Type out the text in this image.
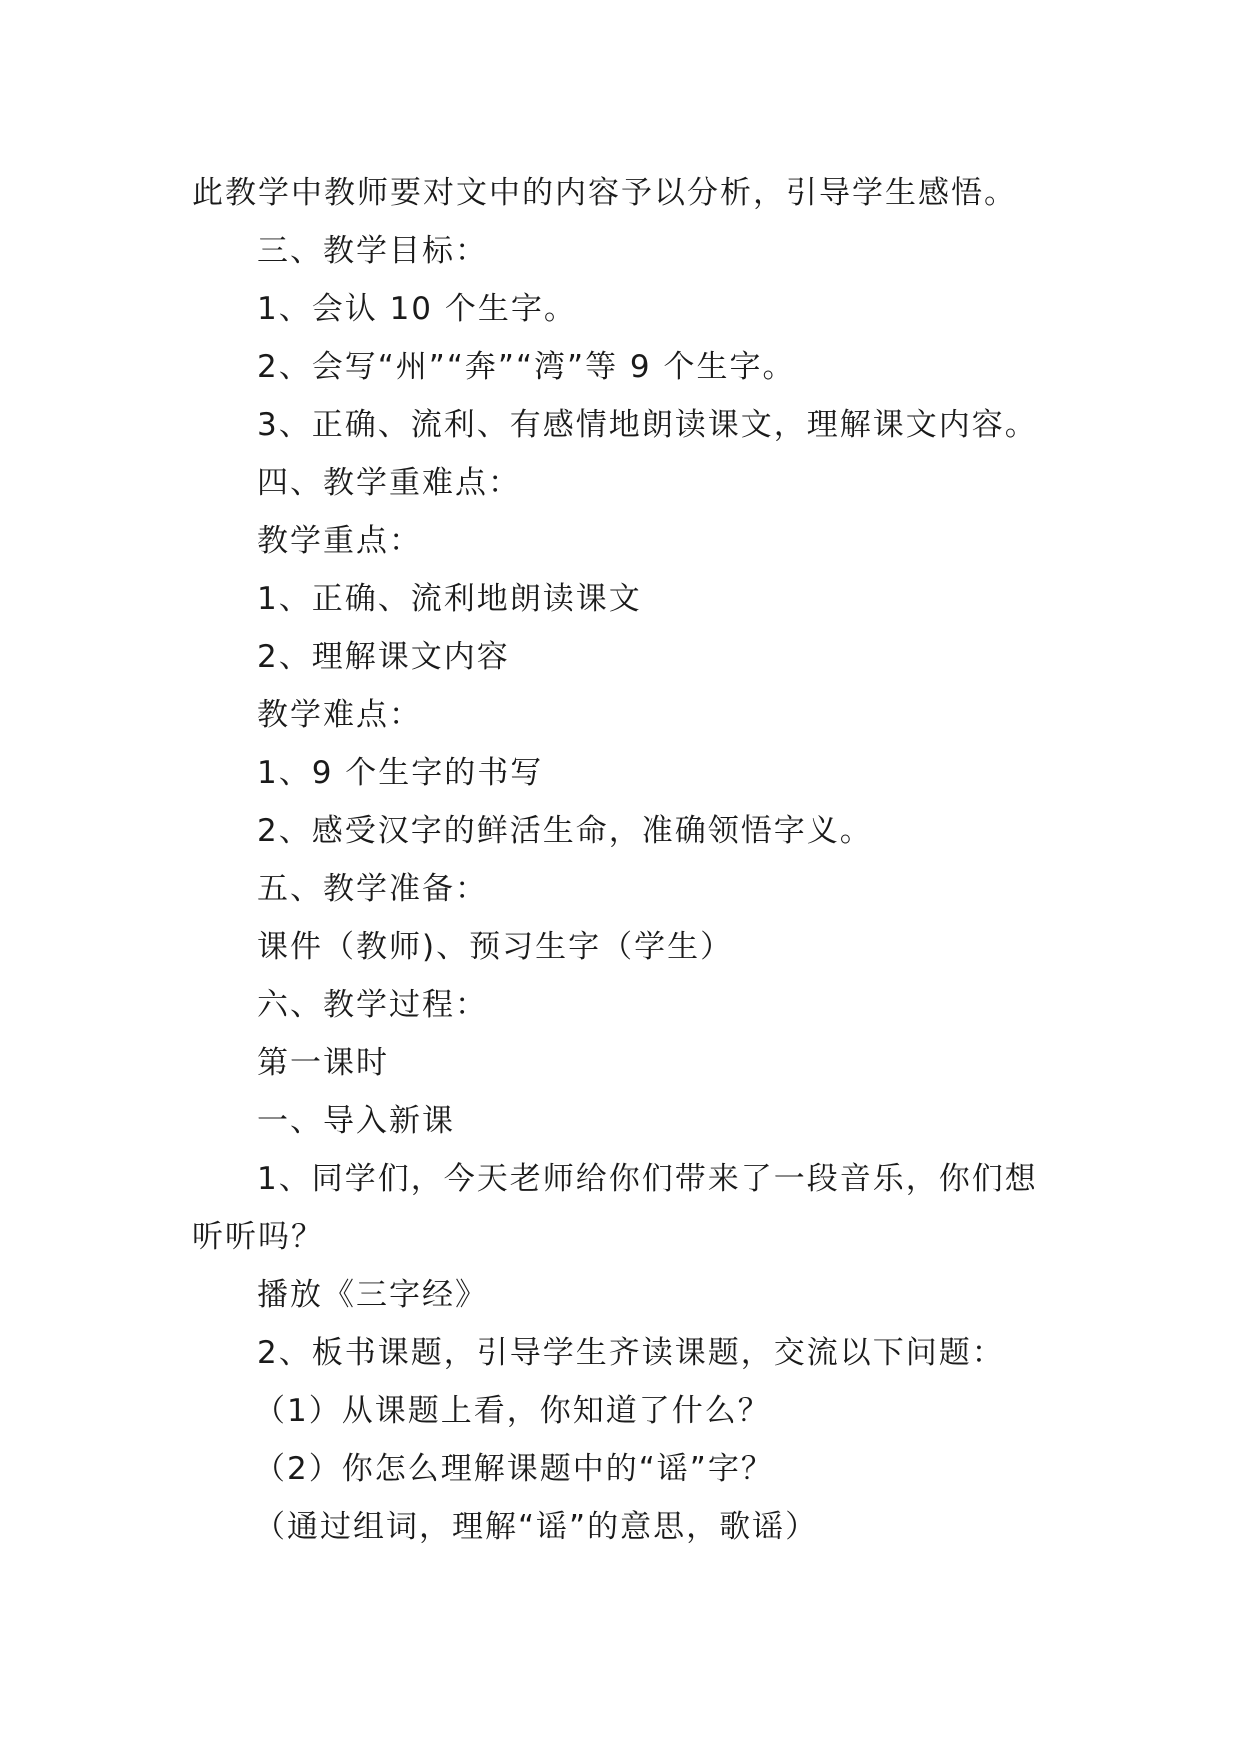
此教学中教师要对文中的内容予以分析，引导学生感悟。
三、教学目标：
1、会认 10 个生字。
2、会写“州”“奔”“湾”等 9 个生字。
3、正确、流利、有感情地朗读课文，理解课文内容。
四、教学重难点：
教学重点：
1、正确、流利地朗读课文
2、理解课文内容
教学难点：
1、9 个生字的书写
2、感受汉字的鲜活生命，准确领悟字义。
五、教学准备：
课件（教师)、预习生字（学生）
六、教学过程：
第一课时
一、导入新课
1、同学们，今天老师给你们带来了一段音乐，你们想
听听吗？
播放《三字经》
2、板书课题，引导学生齐读课题，交流以下问题：
（1）从课题上看，你知道了什么？
（2）你怎么理解课题中的“谣”字？
（通过组词，理解“谣”的意思，歌谣）
